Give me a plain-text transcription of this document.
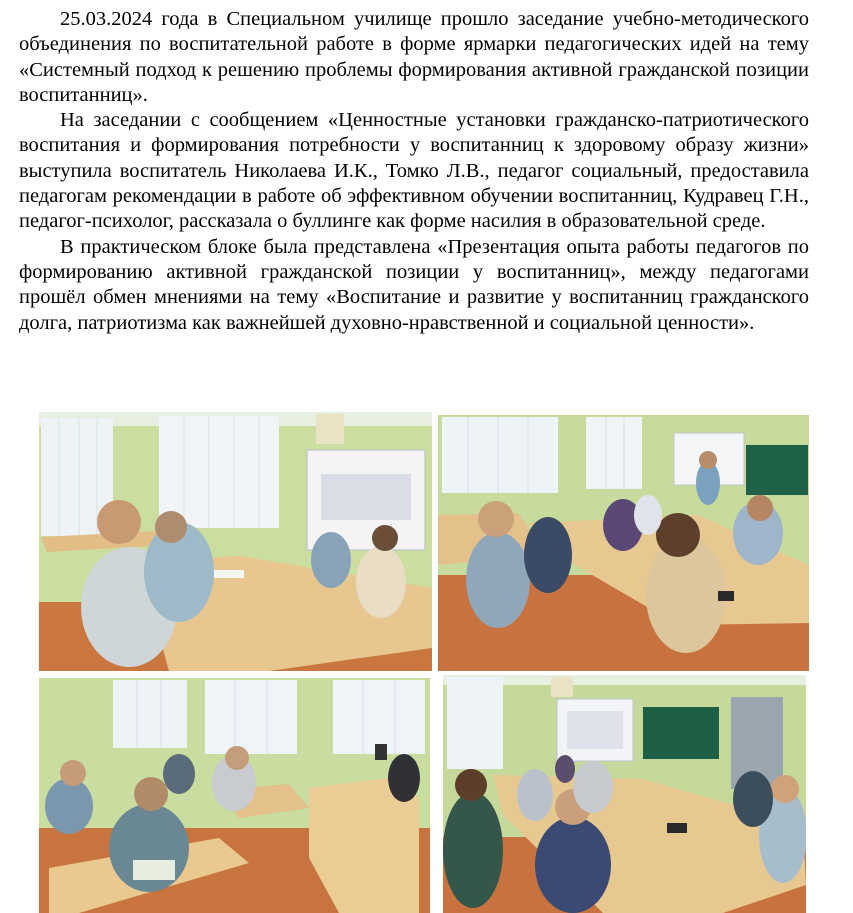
25.03.2024 года в Специальном училище прошло заседание учебно-методического объединения по воспитательной работе в форме ярмарки педагогических идей на тему «Системный подход к решению проблемы формирования активной гражданской позиции воспитанниц».

На заседании с сообщением «Ценностные установки гражданско-патриотического воспитания и формирования потребности у воспитанниц к здоровому образу жизни» выступила воспитатель Николаева И.К., Томко Л.В., педагог социальный, предоставила педагогам рекомендации в работе об эффективном обучении воспитанниц, Кудравец Г.Н., педагог-психолог, рассказала о буллинге как форме насилия в образовательной среде.

В практическом блоке была представлена «Презентация опыта работы педагогов по формированию активной гражданской позиции у воспитанниц», между педагогами прошёл обмен мнениями на тему «Воспитание и развитие у воспитанниц гражданского долга, патриотизма как важнейшей духовно-нравственной и социальной ценности».
